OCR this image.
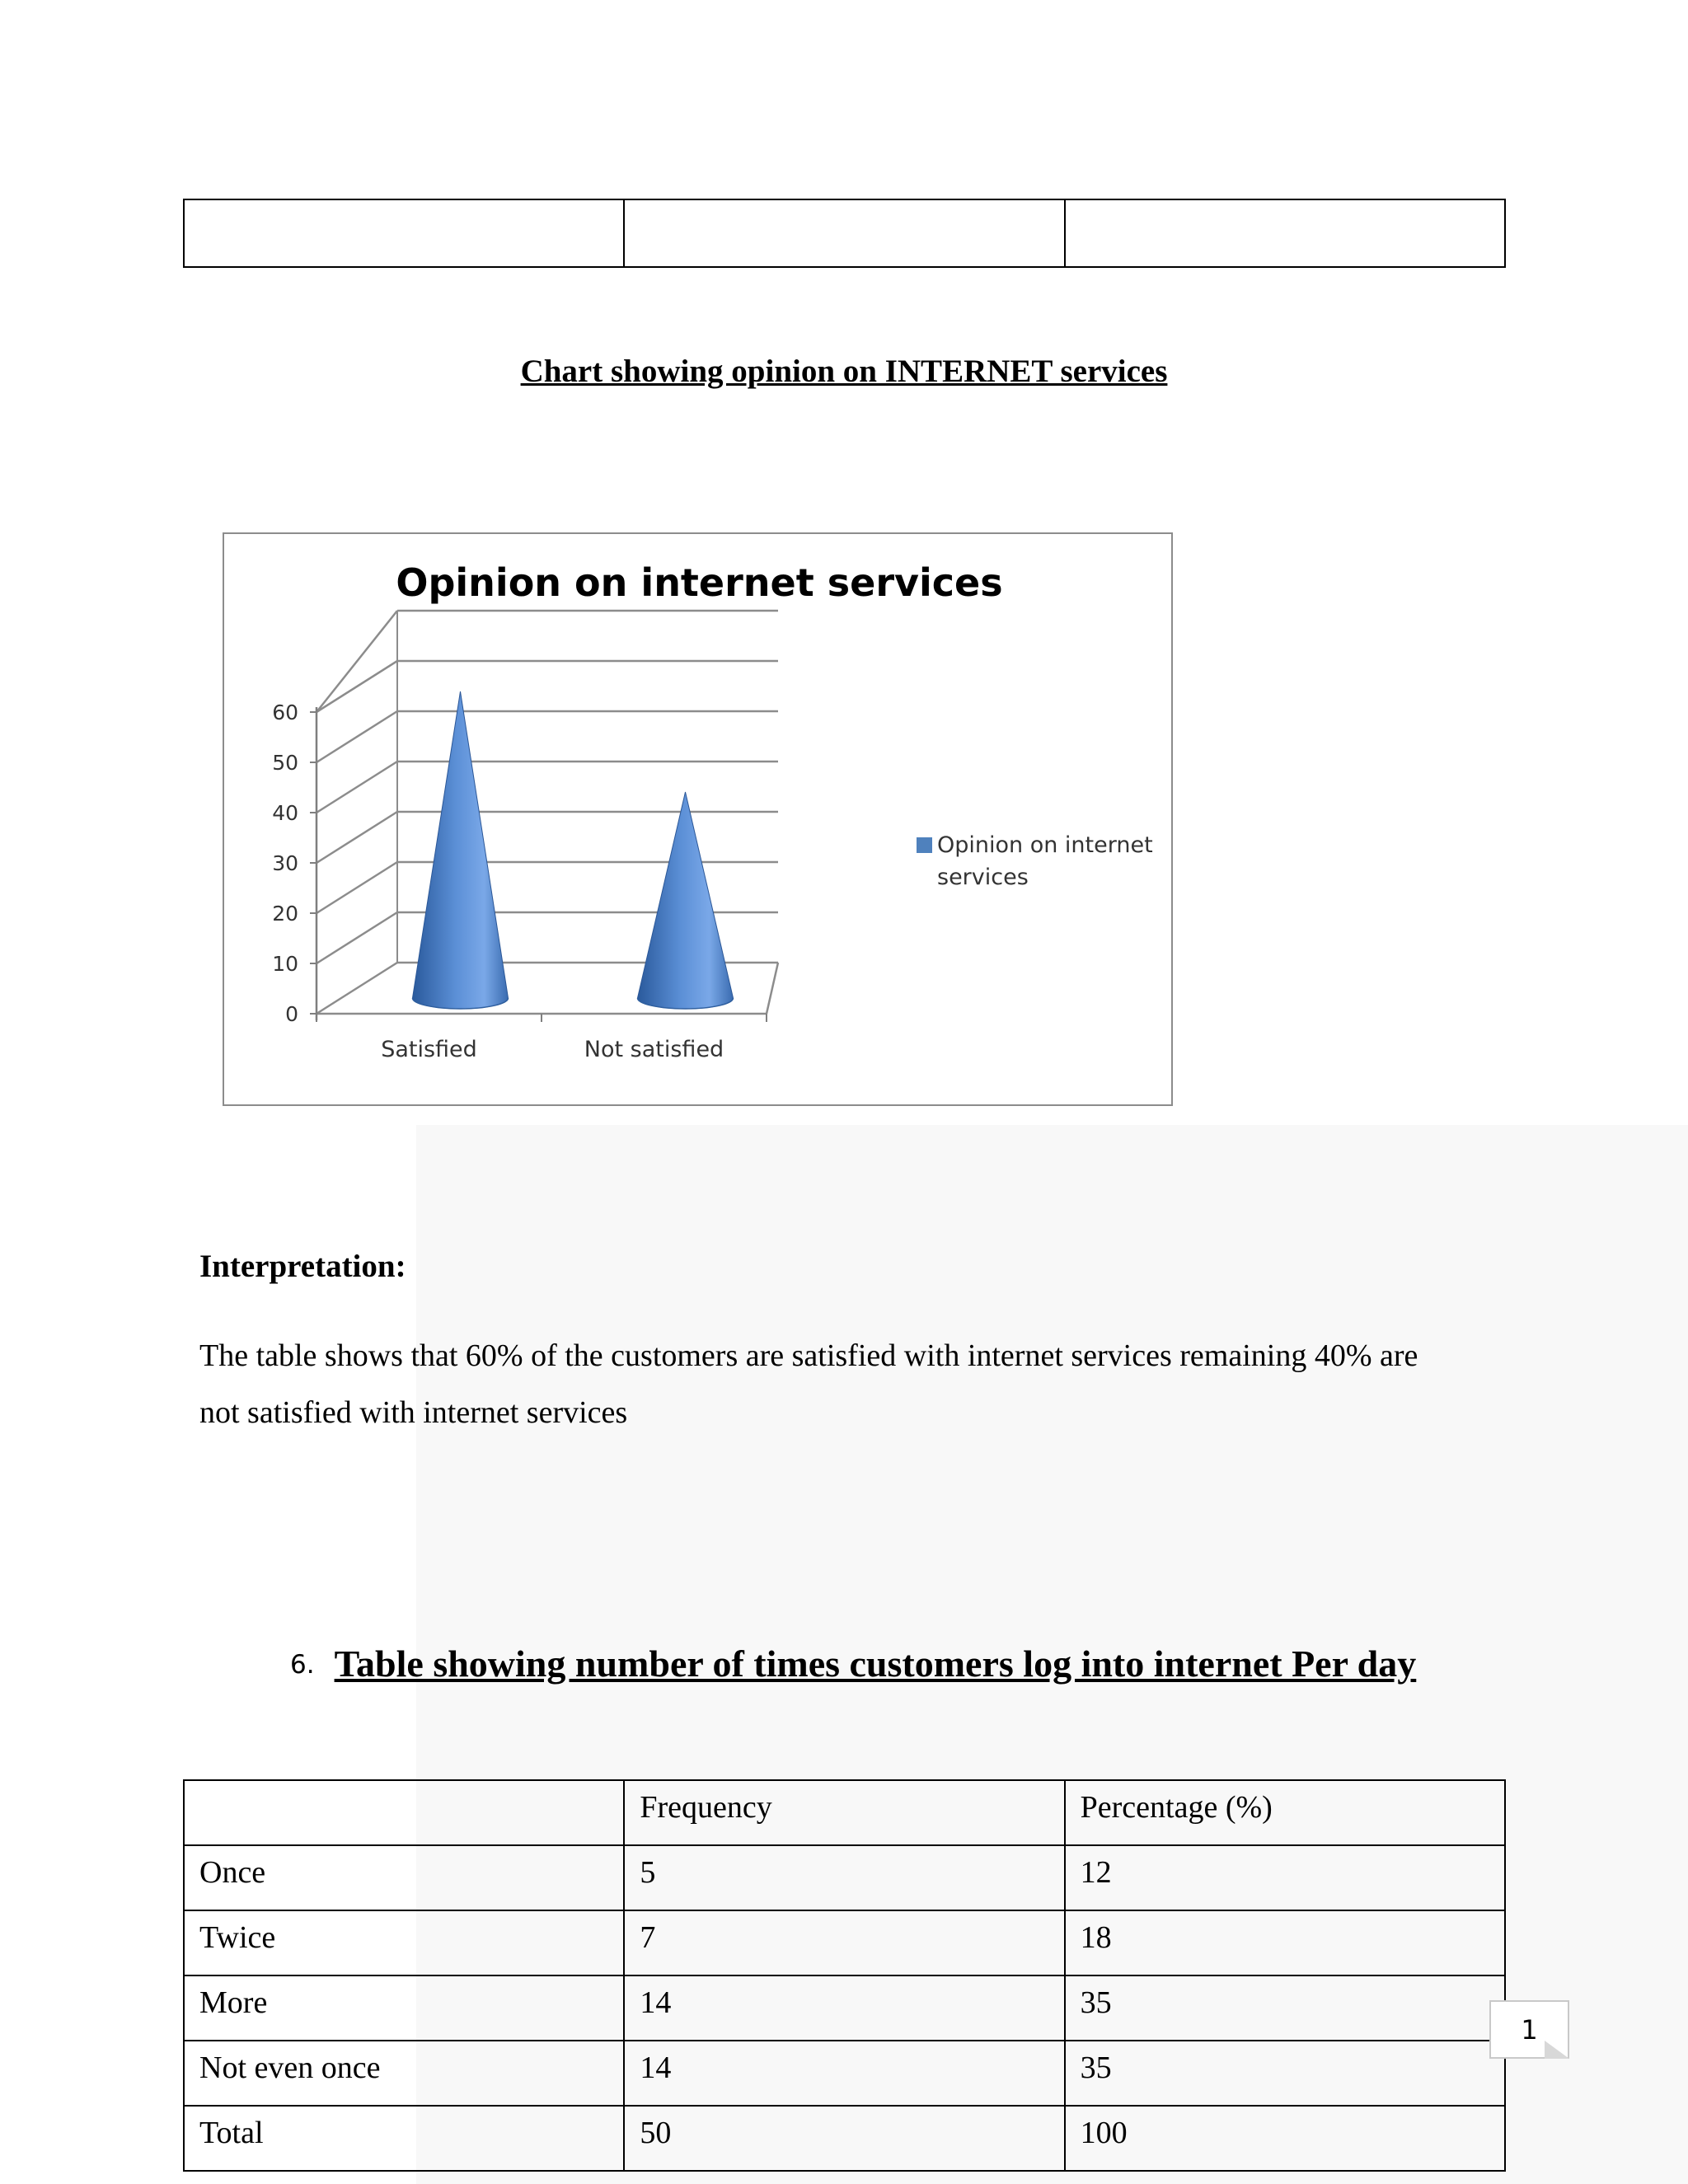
Chart showing opinion on INTERNET services
Opinion on internet services
0
10
20
30
40
50
60
Satisfied	Not satisfied
Opinion on internet
services
Interpretation:
The table shows that 60% of the customers are satisfied with internet services remaining 40% are
not satisfied with internet services
6. Table showing number of times customers log into internet Per day
	Frequency	Percentage (%)
Once	5	12
Twice	7	18
More	14	35
Not even once	14	35
Total	50	100
1
